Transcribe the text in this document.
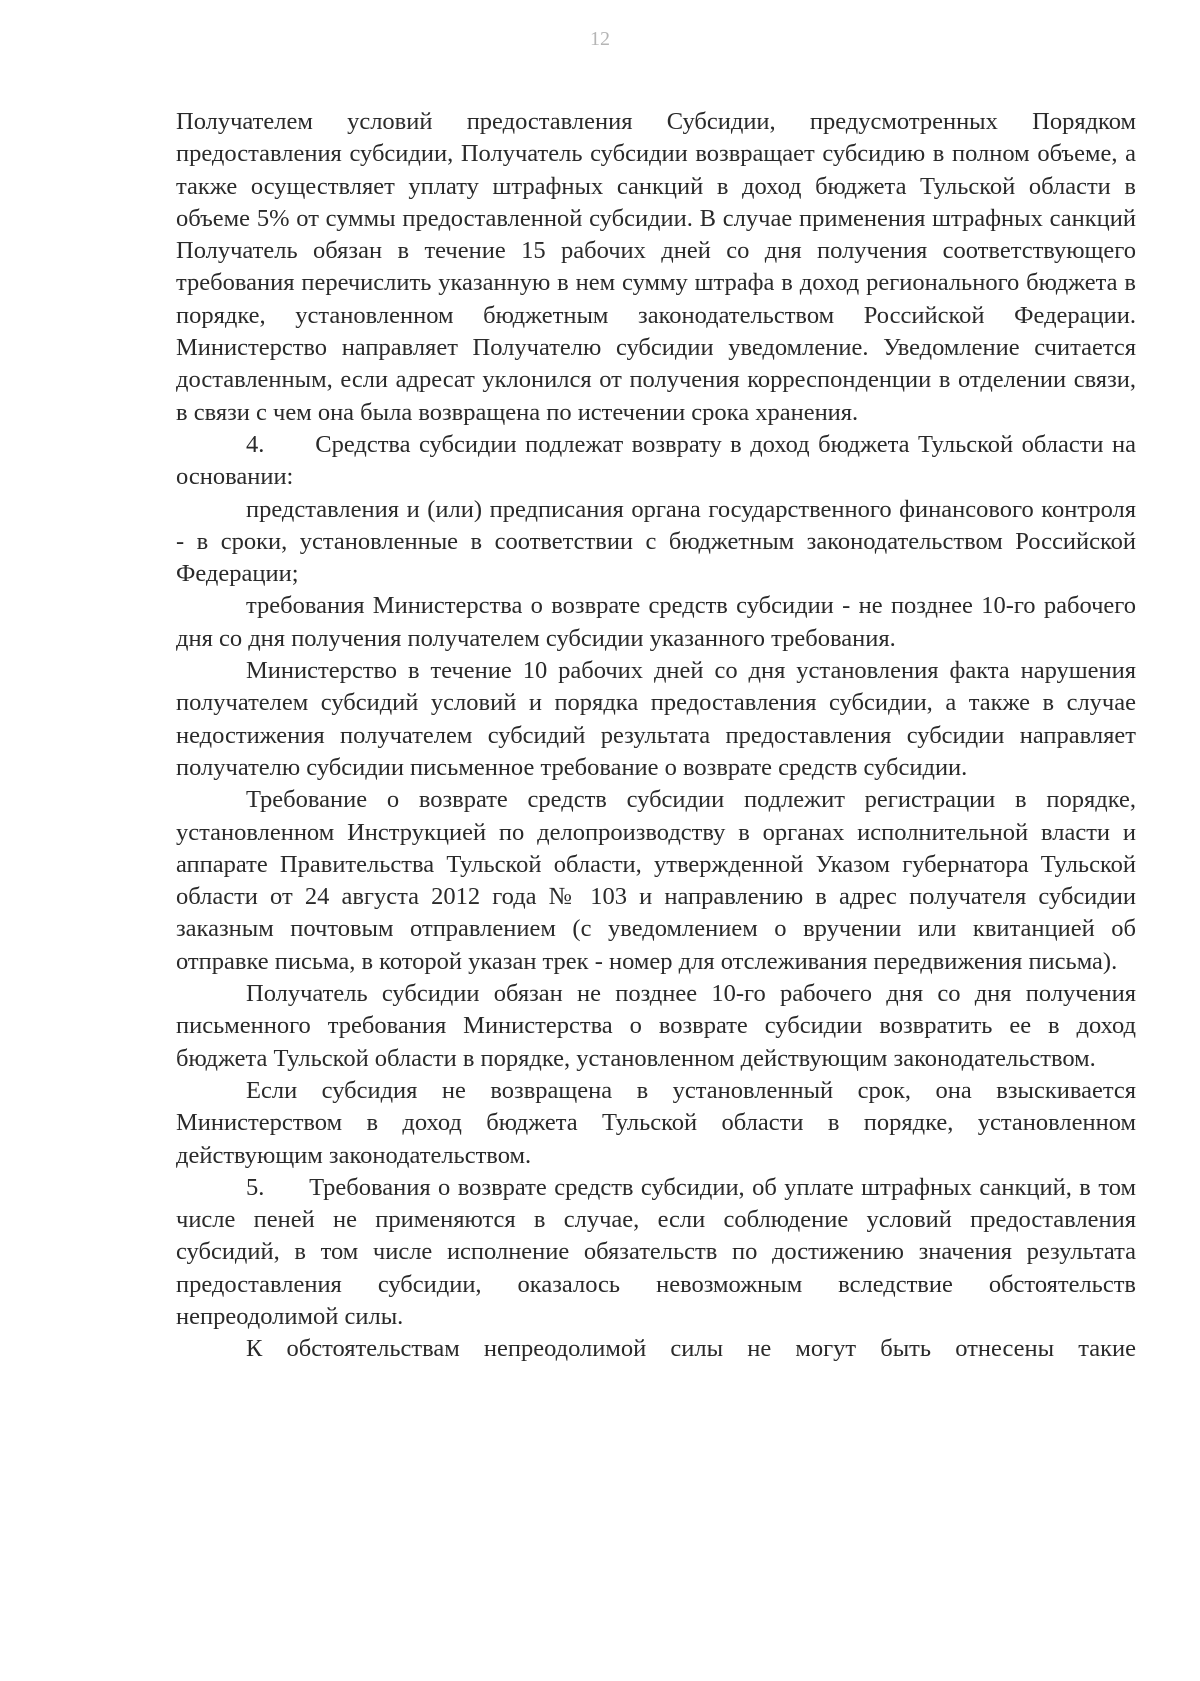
12

Получателем условий предоставления Субсидии, предусмотренных Порядком предоставления субсидии, Получатель субсидии возвращает субсидию в полном объеме, а также осуществляет уплату штрафных санкций в доход бюджета Тульской области в объеме 5% от суммы предоставленной субсидии. В случае применения штрафных санкций Получатель обязан в течение 15 рабочих дней со дня получения соответствующего требования перечислить указанную в нем сумму штрафа в доход регионального бюджета в порядке, установленном бюджетным законодательством Российской Федерации. Министерство направляет Получателю субсидии уведомление. Уведомление считается доставленным, если адресат уклонился от получения корреспонденции в отделении связи, в связи с чем она была возвращена по истечении срока хранения.

4.      Средства субсидии подлежат возврату в доход бюджета Тульской области на основании:

представления и (или) предписания органа государственного финансового контроля - в сроки, установленные в соответствии с бюджетным законодательством Российской Федерации;

требования Министерства о возврате средств субсидии - не позднее 10-го рабочего дня со дня получения получателем субсидии указанного требования.

Министерство в течение 10 рабочих дней со дня установления факта нарушения получателем субсидий условий и порядка предоставления субсидии, а также в случае недостижения получателем субсидий результата предоставления субсидии направляет получателю субсидии письменное требование о возврате средств субсидии.

Требование о возврате средств субсидии подлежит регистрации в порядке, установленном Инструкцией по делопроизводству в органах исполнительной власти и аппарате Правительства Тульской области, утвержденной Указом губернатора Тульской области от 24 августа 2012 года № 103 и направлению в адрес получателя субсидии заказным почтовым отправлением (с уведомлением о вручении или квитанцией об отправке письма, в которой указан трек - номер для отслеживания передвижения письма).

Получатель субсидии обязан не позднее 10-го рабочего дня со дня получения письменного требования Министерства о возврате субсидии возвратить ее в доход бюджета Тульской области в порядке, установленном действующим законодательством.

Если субсидия не возвращена в установленный срок, она взыскивается Министерством в доход бюджета Тульской области в порядке, установленном действующим законодательством.

5.      Требования о возврате средств субсидии, об уплате штрафных санкций, в том числе пеней не применяются в случае, если соблюдение условий предоставления субсидий, в том числе исполнение обязательств по достижению значения результата предоставления субсидии, оказалось невозможным вследствие обстоятельств непреодолимой силы.

К обстоятельствам непреодолимой силы не могут быть отнесены такие
